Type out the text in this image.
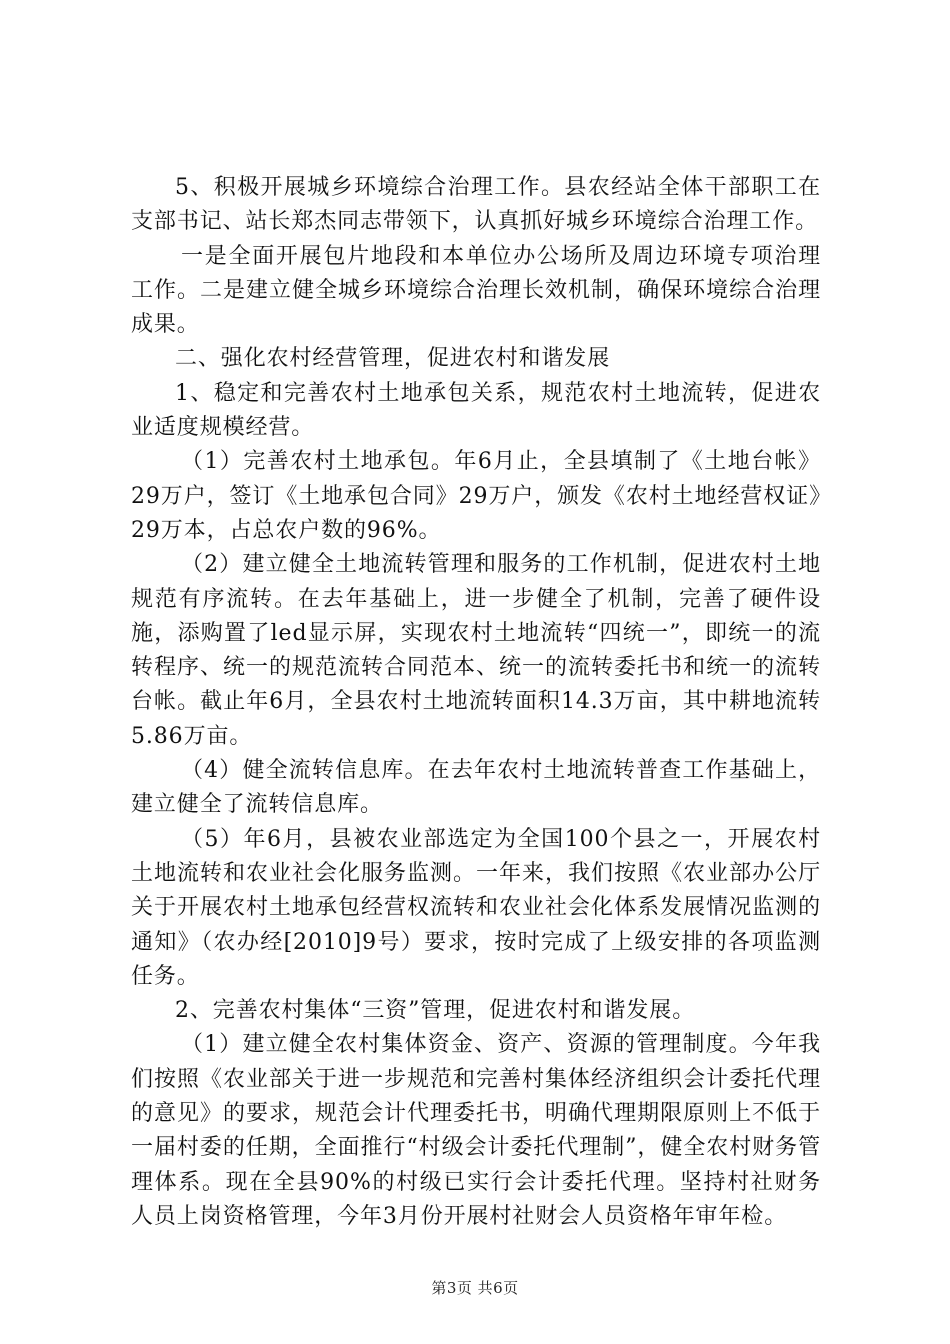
5、积极开展城乡环境综合治理工作。县农经站全体干部职工在支部书记、站长郑杰同志带领下，认真抓好城乡环境综合治理工作。

一是全面开展包片地段和本单位办公场所及周边环境专项治理工作。二是建立健全城乡环境综合治理长效机制，确保环境综合治理成果。

二、强化农村经营管理，促进农村和谐发展

1、稳定和完善农村土地承包关系，规范农村土地流转，促进农业适度规模经营。

（1）完善农村土地承包。年6月止，全县填制了《土地台帐》29万户，签订《土地承包合同》29万户，颁发《农村土地经营权证》29万本，占总农户数的96%。

（2）建立健全土地流转管理和服务的工作机制，促进农村土地规范有序流转。在去年基础上，进一步健全了机制，完善了硬件设施，添购置了led显示屏，实现农村土地流转“四统一”，即统一的流转程序、统一的规范流转合同范本、统一的流转委托书和统一的流转台帐。截止年6月，全县农村土地流转面积14.3万亩，其中耕地流转5.86万亩。

（4）健全流转信息库。在去年农村土地流转普查工作基础上，建立健全了流转信息库。

（5）年6月，县被农业部选定为全国100个县之一，开展农村土地流转和农业社会化服务监测。一年来，我们按照《农业部办公厅关于开展农村土地承包经营权流转和农业社会化体系发展情况监测的通知》（农办经[2010]9号）要求，按时完成了上级安排的各项监测任务。

2、完善农村集体“三资”管理，促进农村和谐发展。

（1）建立健全农村集体资金、资产、资源的管理制度。今年我们按照《农业部关于进一步规范和完善村集体经济组织会计委托代理的意见》的要求，规范会计代理委托书，明确代理期限原则上不低于一届村委的任期，全面推行“村级会计委托代理制”，健全农村财务管理体系。现在全县90%的村级已实行会计委托代理。坚持村社财务人员上岗资格管理，今年3月份开展村社财会人员资格年审年检。

第3页 共6页
